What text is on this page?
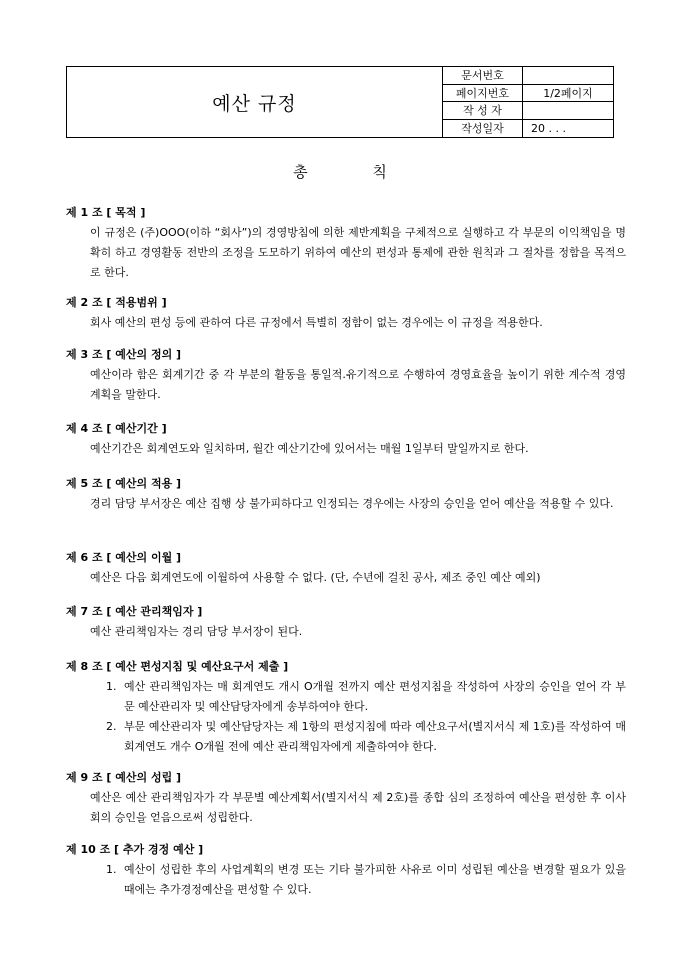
예산 규정
문서번호
페이지번호	1/2페이지
작 성 자
작성일자	20 . . .
총 칙
제 1 조 [ 목적 ]
이 규정은 (주)OOO(이하 “회사”)의 경영방침에 의한 제반계획을 구체적으로 실행하고 각 부문의 이익책임을 명확히 하고 경영활동 전반의 조정을 도모하기 위하여 예산의 편성과 통제에 관한 원칙과 그 절차를 정함을 목적으로 한다.
제 2 조 [ 적용범위 ]
회사 예산의 편성 등에 관하여 다른 규정에서 특별히 정함이 없는 경우에는 이 규정을 적용한다.
제 3 조 [ 예산의 정의 ]
예산이라 함은 회계기간 중 각 부분의 활동을 통일적.유기적으로 수행하여 경영효율을 높이기 위한 계수적 경영계획을 말한다.
제 4 조 [ 예산기간 ]
예산기간은 회계연도와 일치하며, 월간 예산기간에 있어서는 매월 1일부터 말일까지로 한다.
제 5 조 [ 예산의 적용 ]
경리 담당 부서장은 예산 집행 상 불가피하다고 인정되는 경우에는 사장의 승인을 얻어 예산을 적용할 수 있다.
제 6 조 [ 예산의 이월 ]
예산은 다음 회계연도에 이월하여 사용할 수 없다. (단, 수년에 걸친 공사, 제조 중인 예산 예외)
제 7 조 [ 예산 관리책임자 ]
예산 관리책임자는 경리 담당 부서장이 된다.
제 8 조 [ 예산 편성지침 및 예산요구서 제출 ]
1. 예산 관리책임자는 매 회계연도 개시 O개월 전까지 예산 편성지침을 작성하여 사장의 승인을 얻어 각 부문 예산관리자 및 예산담당자에게 송부하여야 한다.
2. 부문 예산관리자 및 예산담당자는 제 1항의 편성지침에 따라 예산요구서(별지서식 제 1호)를 작성하여 매 회계연도 개수 O개월 전에 예산 관리책임자에게 제출하여야 한다.
제 9 조 [ 예산의 성립 ]
예산은 예산 관리책임자가 각 부문별 예산계획서(별지서식 제 2호)를 종합 심의 조정하여 예산을 편성한 후 이사회의 승인을 얻음으로써 성립한다.
제 10 조 [ 추가 경정 예산 ]
1. 예산이 성립한 후의 사업계획의 변경 또는 기타 불가피한 사유로 이미 성립된 예산을 변경할 필요가 있을 때에는 추가경정예산을 편성할 수 있다.
